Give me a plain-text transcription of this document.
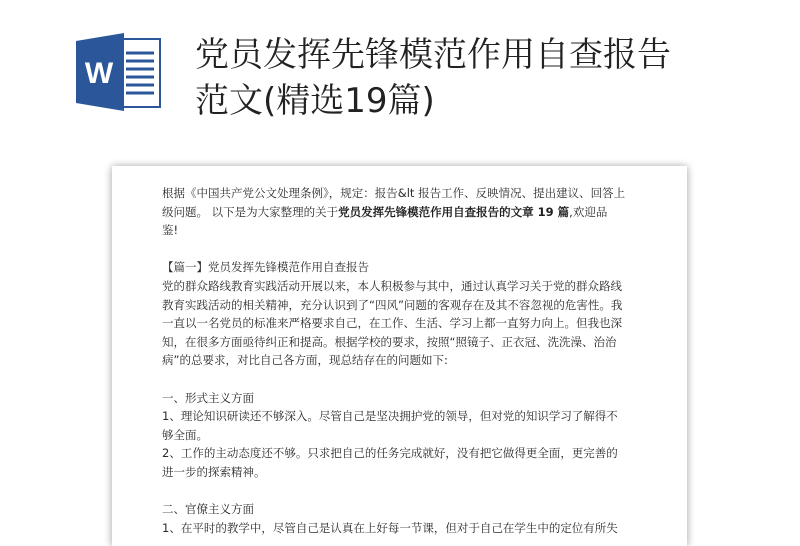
W 党员发挥先锋模范作用自查报告
范文(精选19篇)
根据《中国共产党公文处理条例》，规定：报告&lt 报告工作、反映情况、提出建议、回答上
级问题。 以下是为大家整理的关于党员发挥先锋模范作用自查报告的文章 19 篇,欢迎品
鉴!
【篇一】党员发挥先锋模范作用自查报告
党的群众路线教育实践活动开展以来，本人积极参与其中，通过认真学习关于党的群众路线
教育实践活动的相关精神，充分认识到了“四风”问题的客观存在及其不容忽视的危害性。我
一直以一名党员的标准来严格要求自己，在工作、生活、学习上都一直努力向上。但我也深
知，在很多方面亟待纠正和提高。根据学校的要求，按照“照镜子、正衣冠、洗洗澡、治治
病”的总要求，对比自己各方面，现总结存在的问题如下:
一、形式主义方面
1、理论知识研读还不够深入。尽管自己是坚决拥护党的领导，但对党的知识学习了解得不
够全面。
2、工作的主动态度还不够。只求把自己的任务完成就好，没有把它做得更全面，更完善的
进一步的探索精神。
二、官僚主义方面
1、在平时的教学中，尽管自己是认真在上好每一节课，但对于自己在学生中的定位有所失
